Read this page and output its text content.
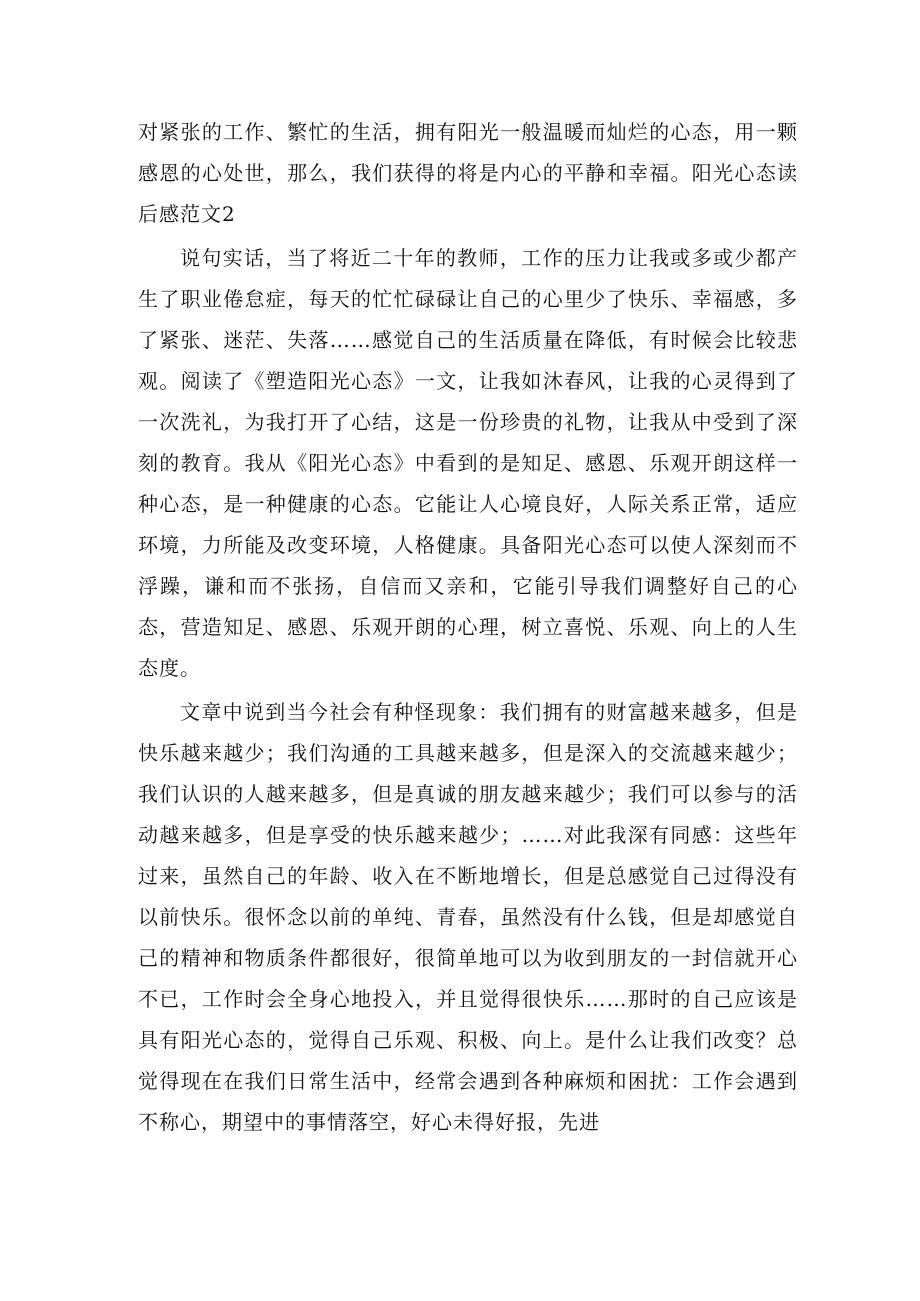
对紧张的工作、繁忙的生活，拥有阳光一般温暖而灿烂的心态，用一颗感恩的心处世，那么，我们获得的将是内心的平静和幸福。阳光心态读后感范文2

说句实话，当了将近二十年的教师，工作的压力让我或多或少都产生了职业倦怠症，每天的忙忙碌碌让自己的心里少了快乐、幸福感，多了紧张、迷茫、失落……感觉自己的生活质量在降低，有时候会比较悲观。阅读了《塑造阳光心态》一文，让我如沐春风，让我的心灵得到了一次洗礼，为我打开了心结，这是一份珍贵的礼物，让我从中受到了深刻的教育。我从《阳光心态》中看到的是知足、感恩、乐观开朗这样一种心态，是一种健康的心态。它能让人心境良好，人际关系正常，适应环境，力所能及改变环境，人格健康。具备阳光心态可以使人深刻而不浮躁，谦和而不张扬，自信而又亲和，它能引导我们调整好自己的心态，营造知足、感恩、乐观开朗的心理，树立喜悦、乐观、向上的人生态度。

文章中说到当今社会有种怪现象：我们拥有的财富越来越多，但是快乐越来越少；我们沟通的工具越来越多，但是深入的交流越来越少；我们认识的人越来越多，但是真诚的朋友越来越少；我们可以参与的活动越来越多，但是享受的快乐越来越少；……对此我深有同感：这些年过来，虽然自己的年龄、收入在不断地增长，但是总感觉自己过得没有以前快乐。很怀念以前的单纯、青春，虽然没有什么钱，但是却感觉自己的精神和物质条件都很好，很简单地可以为收到朋友的一封信就开心不已，工作时会全身心地投入，并且觉得很快乐……那时的自己应该是具有阳光心态的，觉得自己乐观、积极、向上。是什么让我们改变？总觉得现在在我们日常生活中，经常会遇到各种麻烦和困扰：工作会遇到不称心，期望中的事情落空，好心未得好报，先进
